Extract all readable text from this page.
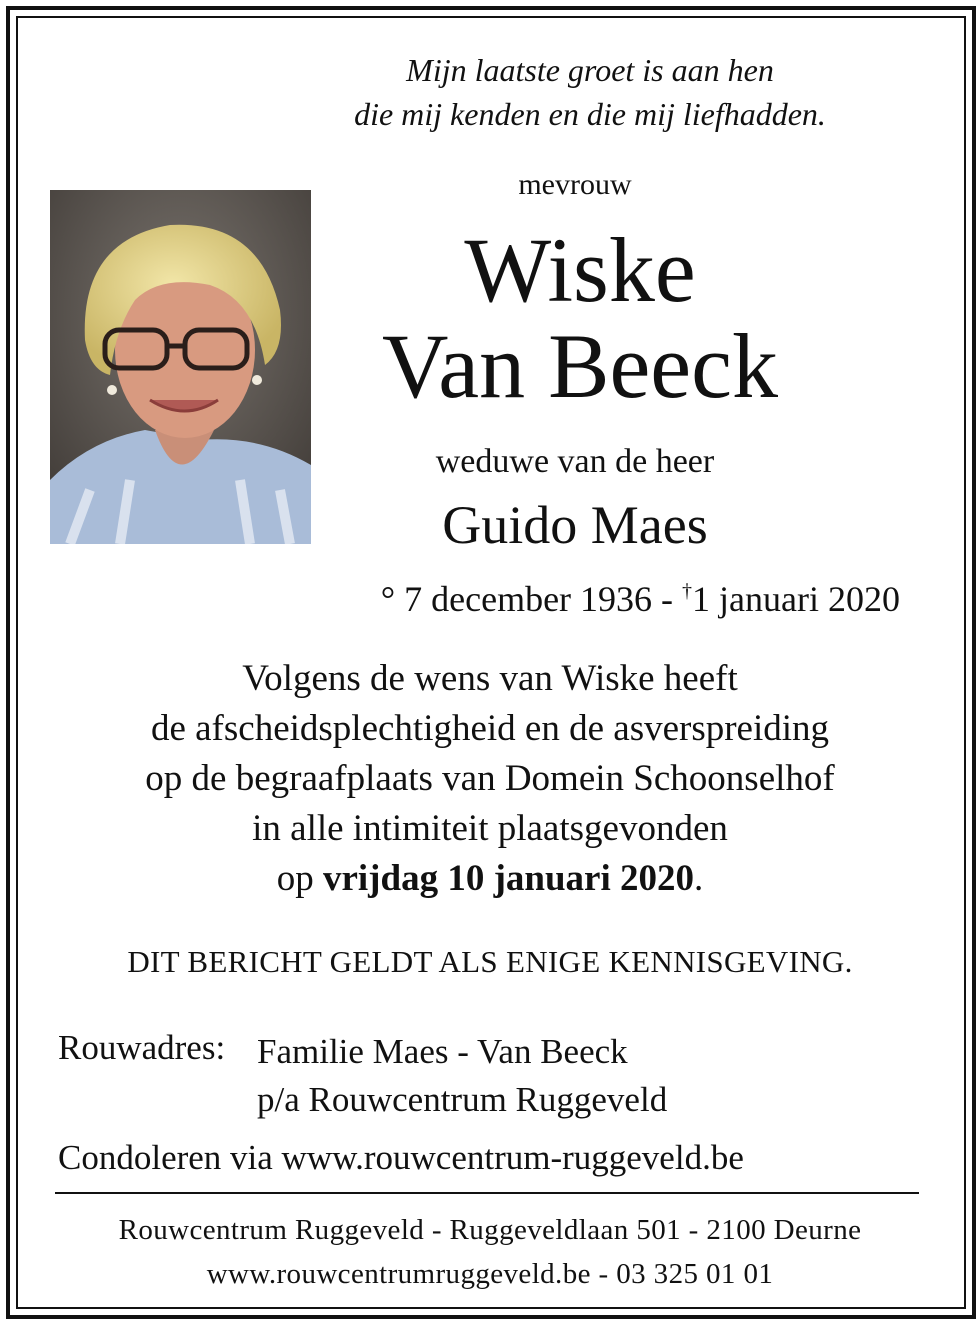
Mijn laatste groet is aan hen
die mij kenden en die mij liefhadden.
mevrouw
Wiske
Van Beeck
weduwe van de heer
Guido Maes
° 7 december 1936 - †1 januari 2020
Volgens de wens van Wiske heeft
de afscheidsplechtigheid en de asverspreiding
op de begraafplaats van Domein Schoonselhof
in alle intimiteit plaatsgevonden
op vrijdag 10 januari 2020.
DIT BERICHT GELDT ALS ENIGE KENNISGEVING.
Rouwadres: Familie Maes - Van Beeck
p/a Rouwcentrum Ruggeveld
Condoleren via www.rouwcentrum-ruggeveld.be
Rouwcentrum Ruggeveld - Ruggeveldlaan 501 - 2100 Deurne
www.rouwcentrumruggeveld.be - 03 325 01 01
